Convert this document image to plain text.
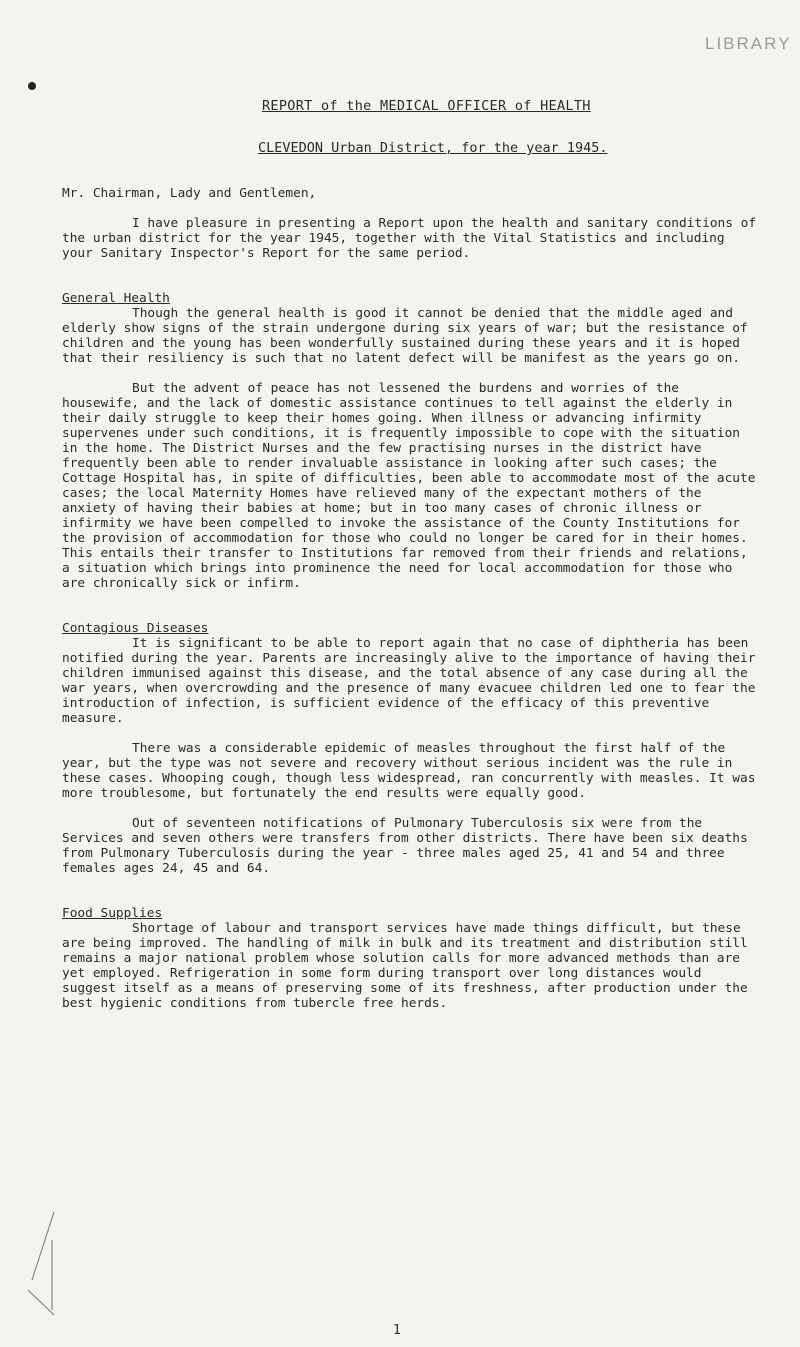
LIBRARY
REPORT of the MEDICAL OFFICER of HEALTH
CLEVEDON Urban District, for the year 1945.

Mr. Chairman, Lady and Gentlemen,

I have pleasure in presenting a Report upon the health and sanitary conditions of the urban district for the year 1945, together with the Vital Statistics and including your Sanitary Inspector's Report for the same period.

General Health

Though the general health is good it cannot be denied that the middle aged and elderly show signs of the strain undergone during six years of war; but the resistance of children and the young has been wonderfully sustained during these years and it is hoped that their resiliency is such that no latent defect will be manifest as the years go on.

But the advent of peace has not lessened the burdens and worries of the housewife, and the lack of domestic assistance continues to tell against the elderly in their daily struggle to keep their homes going. When illness or advancing infirmity supervenes under such conditions, it is frequently impossible to cope with the situation in the home. The District Nurses and the few practising nurses in the district have frequently been able to render invaluable assistance in looking after such cases; the Cottage Hospital has, in spite of difficulties, been able to accommodate most of the acute cases; the local Maternity Homes have relieved many of the expectant mothers of the anxiety of having their babies at home; but in too many cases of chronic illness or infirmity we have been compelled to invoke the assistance of the County Institutions for the provision of accommodation for those who could no longer be cared for in their homes. This entails their transfer to Institutions far removed from their friends and relations, a situation which brings into prominence the need for local accommodation for those who are chronically sick or infirm.

Contagious Diseases

It is significant to be able to report again that no case of diphtheria has been notified during the year. Parents are increasingly alive to the importance of having their children immunised against this disease, and the total absence of any case during all the war years, when overcrowding and the presence of many evacuee children led one to fear the introduction of infection, is sufficient evidence of the efficacy of this preventive measure.

There was a considerable epidemic of measles throughout the first half of the year, but the type was not severe and recovery without serious incident was the rule in these cases. Whooping cough, though less widespread, ran concurrently with measles. It was more troublesome, but fortunately the end results were equally good.

Out of seventeen notifications of Pulmonary Tuberculosis six were from the Services and seven others were transfers from other districts. There have been six deaths from Pulmonary Tuberculosis during the year - three males aged 25, 41 and 54 and three females ages 24, 45 and 64.

Food Supplies

Shortage of labour and transport services have made things difficult, but these are being improved. The handling of milk in bulk and its treatment and distribution still remains a major national problem whose solution calls for more advanced methods than are yet employed. Refrigeration in some form during transport over long distances would suggest itself as a means of preserving some of its freshness, after production under the best hygienic conditions from tubercle free herds.

1
